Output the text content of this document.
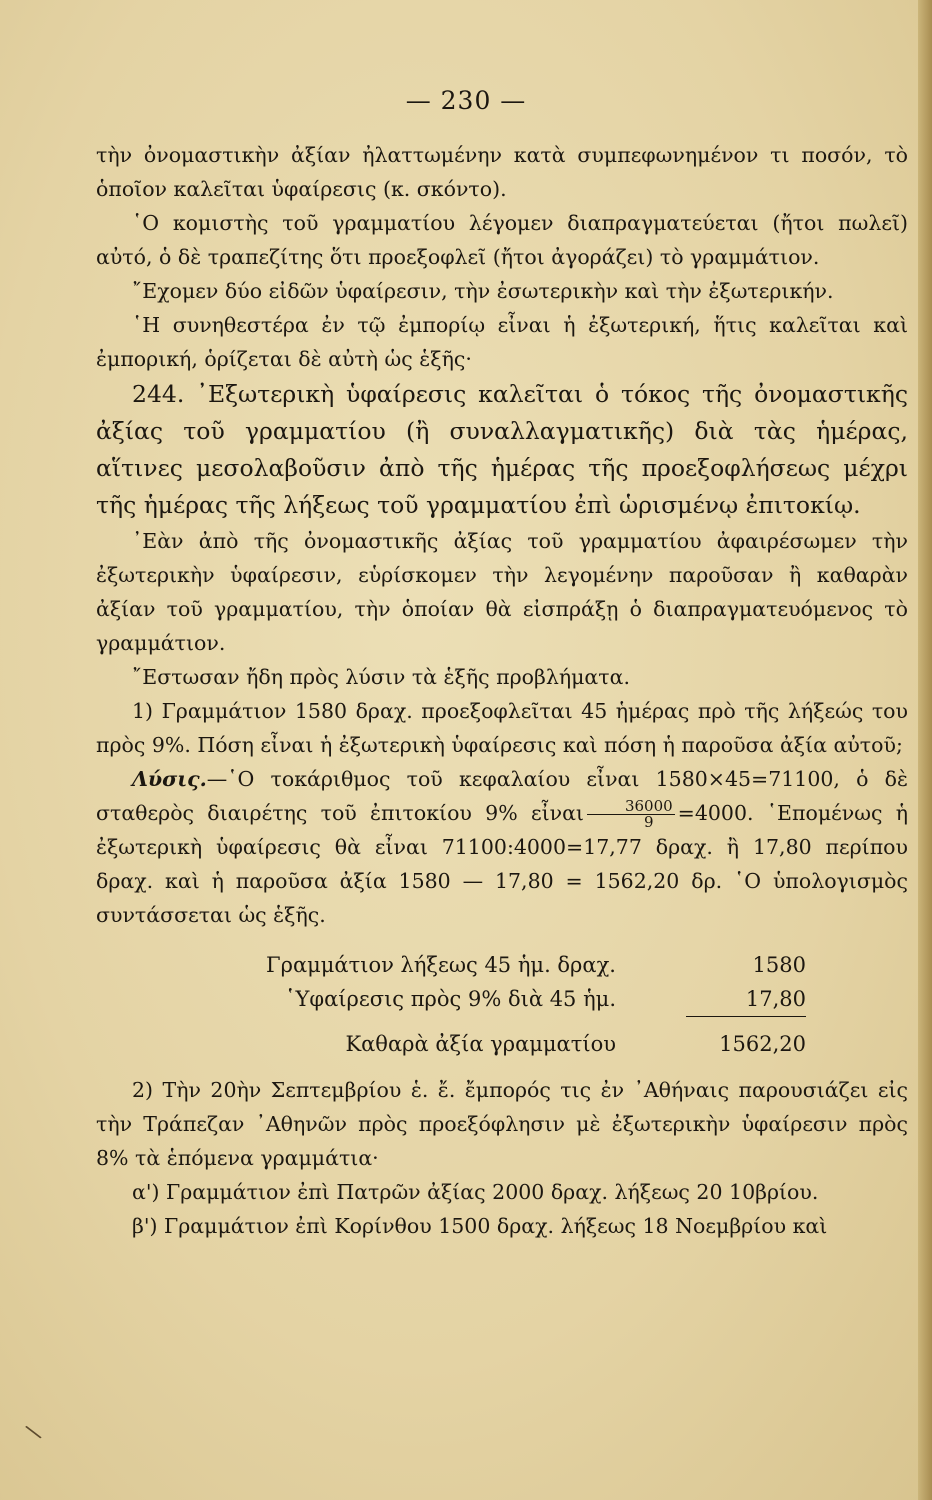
— 230 —

τὴν ὀνομαστικὴν ἀξίαν ἠλαττωμένην κατὰ συμπεφωνημένον τι ποσόν, τὸ ὁποῖον καλεῖται ὑφαίρεσις (κ. σκόντο).

῾Ο κομιστὴς τοῦ γραμματίου λέγομεν διαπραγματεύεται (ἤτοι πωλεῖ) αὐτό, ὁ δὲ τραπεζίτης ὅτι προεξοφλεῖ (ἤτοι ἀγοράζει) τὸ γραμμάτιον.

῎Εχομεν δύο εἰδῶν ὑφαίρεσιν, τὴν ἐσωτερικὴν καὶ τὴν ἐξωτερικήν.

῾Η συνηθεστέρα ἐν τῷ ἐμπορίῳ εἶναι ἡ ἐξωτερική, ἥτις καλεῖται καὶ ἐμπορική, ὁρίζεται δὲ αὐτὴ ὡς ἑξῆς·

244. ᾿Εξωτερικὴ ὑφαίρεσις καλεῖται ὁ τόκος τῆς ὀνομαστικῆς ἀξίας τοῦ γραμματίου (ἢ συναλλαγματικῆς) διὰ τὰς ἡμέρας, αἵτινες μεσολαβοῦσιν ἀπὸ τῆς ἡμέρας τῆς προεξοφλήσεως μέχρι τῆς ἡμέρας τῆς λήξεως τοῦ γραμματίου ἐπὶ ὡρισμένῳ ἐπιτοκίῳ.

᾿Εὰν ἀπὸ τῆς ὀνομαστικῆς ἀξίας τοῦ γραμματίου ἀφαιρέσωμεν τὴν ἐξωτερικὴν ὑφαίρεσιν, εὑρίσκομεν τὴν λεγομένην παροῦσαν ἢ καθαρὰν ἀξίαν τοῦ γραμματίου, τὴν ὁποίαν θὰ εἰσπράξῃ ὁ διαπραγματευόμενος τὸ γραμμάτιον.

῎Εστωσαν ἤδη πρὸς λύσιν τὰ ἑξῆς προβλήματα.

1) Γραμμάτιον 1580 δραχ. προεξοφλεῖται 45 ἡμέρας πρὸ τῆς λήξεώς του πρὸς 9%. Πόση εἶναι ἡ ἐξωτερικὴ ὑφαίρεσις καὶ πόση ἡ παροῦσα ἀξία αὐτοῦ;

Λύσις.—῾Ο τοκάριθμος τοῦ κεφαλαίου εἶναι 1580×45=71100, ὁ δὲ σταθερὸς διαιρέτης τοῦ ἐπιτοκίου 9% εἶναι $\frac{36000}{9} =4000$. ῾Επομένως ἡ ἐξωτερικὴ ὑφαίρεσις θὰ εἶναι 71100:4000=17,77 δραχ. ἢ 17,80 περίπου δραχ. καὶ ἡ παροῦσα ἀξία 1580 — 17,80 = 1562,20 δρ. ῾Ο ὑπολογισμὸς συντάσσεται ὡς ἑξῆς.

Γραμμάτιον λήξεως 45 ἡμ. δραχ.	1580
῾Υφαίρεσις πρὸς 9% διὰ 45 ἡμ.	17,80
Καθαρὰ ἀξία γραμματίου	1562,20

2) Τὴν 20ὴν Σεπτεμβρίου ἑ. ἔ. ἔμπορός τις ἐν ᾿Αθήναις παρουσιάζει εἰς τὴν Τράπεζαν ᾿Αθηνῶν πρὸς προεξόφλησιν μὲ ἐξωτερικὴν ὑφαίρεσιν πρὸς 8% τὰ ἑπόμενα γραμμάτια·

α') Γραμμάτιον ἐπὶ Πατρῶν ἀξίας 2000 δραχ. λήξεως 20 10βρίου.

β') Γραμμάτιον ἐπὶ Κορίνθου 1500 δραχ. λήξεως 18 Νοεμβρίου καὶ

\
